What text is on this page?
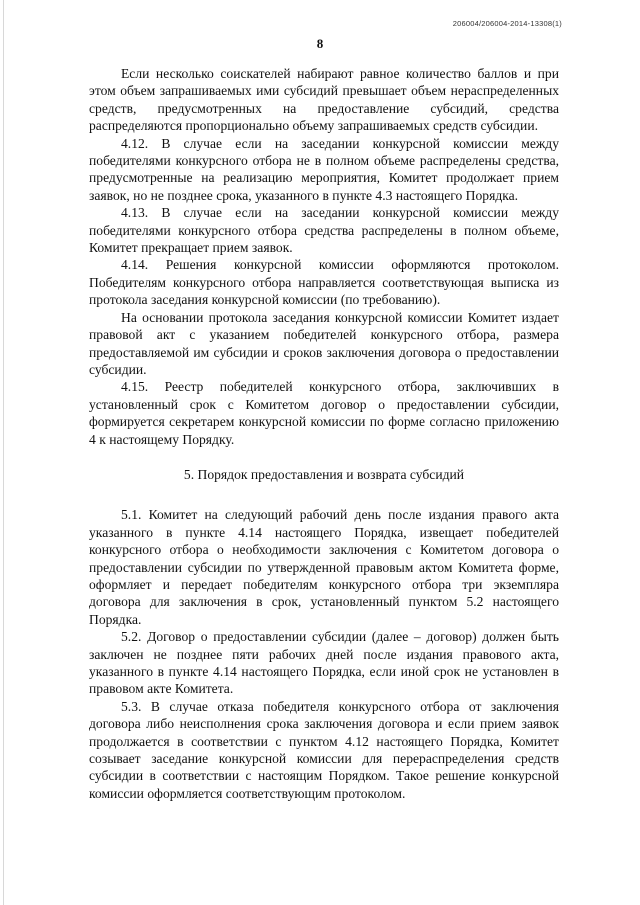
206004/206004-2014-13308(1)
8

Если несколько соискателей набирают равное количество баллов и при этом объем запрашиваемых ими субсидий превышает объем нераспределенных средств, предусмотренных на предоставление субсидий, средства распределяются пропорционально объему запрашиваемых средств субсидии.

4.12. В случае если на заседании конкурсной комиссии между победителями конкурсного отбора не в полном объеме распределены средства, предусмотренные на реализацию мероприятия, Комитет продолжает прием заявок, но не позднее срока, указанного в пункте 4.3 настоящего Порядка.

4.13. В случае если на заседании конкурсной комиссии между победителями конкурсного отбора средства распределены в полном объеме, Комитет прекращает прием заявок.

4.14. Решения конкурсной комиссии оформляются протоколом. Победителям конкурсного отбора направляется соответствующая выписка из протокола заседания конкурсной комиссии (по требованию).

На основании протокола заседания конкурсной комиссии Комитет издает правовой акт с указанием победителей конкурсного отбора, размера предоставляемой им субсидии и сроков заключения договора о предоставлении субсидии.

4.15. Реестр победителей конкурсного отбора, заключивших в установленный срок с Комитетом договор о предоставлении субсидии, формируется секретарем конкурсной комиссии по форме согласно приложению 4 к настоящему Порядку.

5. Порядок предоставления и возврата субсидий

5.1. Комитет на следующий рабочий день после издания правого акта указанного в пункте 4.14 настоящего Порядка, извещает победителей конкурсного отбора о необходимости заключения с Комитетом договора о предоставлении субсидии по утвержденной правовым актом Комитета форме, оформляет и передает победителям конкурсного отбора три экземпляра договора для заключения в срок, установленный пунктом 5.2 настоящего Порядка.

5.2. Договор о предоставлении субсидии (далее – договор) должен быть заключен не позднее пяти рабочих дней после издания правового акта, указанного в пункте 4.14 настоящего Порядка, если иной срок не установлен в правовом акте Комитета.

5.3. В случае отказа победителя конкурсного отбора от заключения договора либо неисполнения срока заключения договора и если прием заявок продолжается в соответствии с пунктом 4.12 настоящего Порядка, Комитет созывает заседание конкурсной комиссии для перераспределения средств субсидии в соответствии с настоящим Порядком. Такое решение конкурсной комиссии оформляется соответствующим протоколом.
